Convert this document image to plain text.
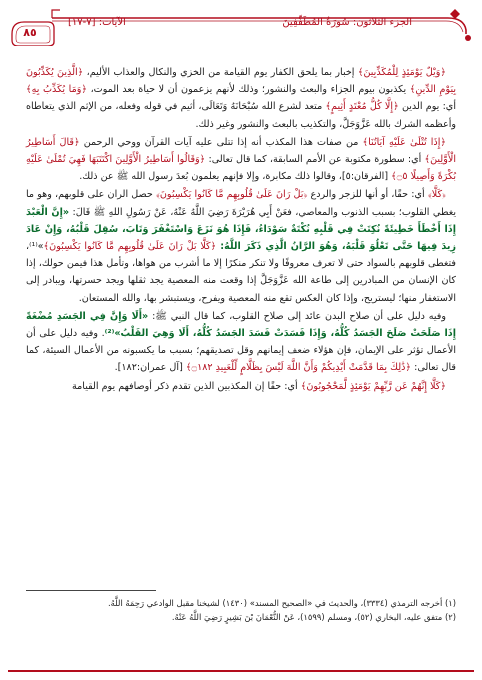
الآيات: [٧-١٧]	الجزء الثلاثون: سُورَةُ المُطَفِّفِينَ
٨٥

﴿وَيْلٌ يَوْمَئِذٍ لِلْمُكَذِّبِينَ﴾ إخبار بما يلحق الكفار يوم القيامة من الخزي والنكال والعذاب الأليم، ﴿الَّذِينَ يُكَذِّبُونَ بِيَوْمِ الدِّينِ﴾ يكذبون بيوم الجزاء والبعث والنشور؛ وذلك لأنهم يزعمون أن لا حياة بعد الموت، ﴿وَمَا يُكَذِّبُ بِهِ﴾ أي: يوم الدين ﴿إِلَّا كُلُّ مُعْتَدٍ أَثِيمٍ﴾ متعد لشرع الله سُبْحَانَهُ وَتَعَالَى، أثيم في قوله وفعله، من الإثم الذي يتعاطاه وأعظمه الشرك بالله عَزَّوَجَلَّ، والتكذيب بالبعث والنشور وغير ذلك.

﴿إِذَا تُتْلَىٰ عَلَيْهِ آيَاتُنَا﴾ من صفات هذا المكذب أنه إذا تتلى عليه آيات القرآن ووحي الرحمن ﴿قَالَ أَسَاطِيرُ الْأَوَّلِينَ﴾ أي: سطورة مكتوبة عن الأمم السابقة، كما قال تعالى: ﴿وَقَالُوا أَسَاطِيرُ الْأَوَّلِينَ اكْتَتَبَهَا فَهِيَ تُمْلَىٰ عَلَيْهِ بُكْرَةً وَأَصِيلًا ۝٥﴾ [الفرقان:٥]، وقالوا ذلك مكابرة، وإلا فإنهم يعلمون بُعدَ رسول الله ﷺ عن ذلك.

﴿كَلَّا﴾ أي: حقًا، أو أنها للزجر والردع ﴿بَلْ رَانَ عَلَىٰ قُلُوبِهِم مَّا كَانُوا يَكْسِبُونَ﴾ حصل الران على قلوبهم، وهو ما يغطي القلوب؛ بسبب الذنوب والمعاصي، فعَنْ أَبِي هُرَيْرَةَ رَضِيَ اللَّهُ عَنْهُ، عَنْ رَسُولِ اللهِ ﷺ قَالَ: «إِنَّ الْعَبْدَ إِذَا أَخْطَأَ خَطِيئَةً نُكِتَتْ فِي قَلْبِهِ نُكْتَةٌ سَوْدَاءُ، فَإِذَا هُوَ نَزَعَ وَاسْتَغْفَرَ وَتَابَ، سُقِلَ قَلْبُهُ، وَإِنْ عَادَ زِيدَ فِيهَا حَتَّى تَعْلُوَ قَلْبَهُ، وَهُوَ الرَّانُ الَّذِي ذَكَرَ اللَّهُ: ﴿كَلَّا بَلْ رَانَ عَلَىٰ قُلُوبِهِم مَّا كَانُوا يَكْسِبُونَ﴾»⁽¹⁾، فتغطى قلوبهم بالسواد حتى لا تعرف معروفًا ولا تنكر منكرًا إلا ما أشرب من هواها، وتأمل هذا فيمن حولك، إذا كان الإنسان من المبادرين إلى طاعة الله عَزَّوَجَلَّ إذا وقعت منه المعصية يجد ثقلها ويجد حسرتها، ويبادر إلى الاستغفار منها؛ ليستريح، وإذا كان العكس تقع منه المعصية ويفرح، ويستبشر بها، والله المستعان.

وفيه دليل على أن صلاح البدن عائد إلى صلاح القلوب، كما قال النبي ﷺ: «أَلَا وَإِنَّ فِي الجَسَدِ مُضْغَةً إِذَا صَلَحَتْ صَلَحَ الجَسَدُ كُلُّهُ، وَإِذَا فَسَدَتْ فَسَدَ الجَسَدُ كُلُّهُ، أَلَا وَهِيَ القَلْبُ»⁽²⁾. وفيه دليل على أن الأعمال تؤثر على الإيمان، فإن هؤلاء ضعف إيمانهم وقل تصديقهم؛ بسبب ما يكسبونه من الأعمال السيئة، كما قال تعالى: ﴿ذَٰلِكَ بِمَا قَدَّمَتْ أَيْدِيكُمْ وَأَنَّ اللَّهَ لَيْسَ بِظَلَّامٍ لِّلْعَبِيدِ ۝١٨٢﴾ [آل عمران:١٨٢].

﴿كَلَّا إِنَّهُمْ عَن رَّبِّهِمْ يَوْمَئِذٍ لَّمَحْجُوبُونَ﴾ أي: حقًا إن المكذبين الذين تقدم ذكر أوصافهم يوم القيامة

(١) أخرجه الترمذي (٣٣٣٤)، والحديث في «الصحيح المسند» (١٤٣٠) لشيخنا مقبل الوادعي رَحِمَهُ اللَّهُ.
(٢) متفق عليه، البخاري (٥٢)، ومسلم (١٥٩٩)، عَنْ النُّعْمَانَ بْنَ بَشِيرٍ رَضِيَ اللَّهُ عَنْهُ.
